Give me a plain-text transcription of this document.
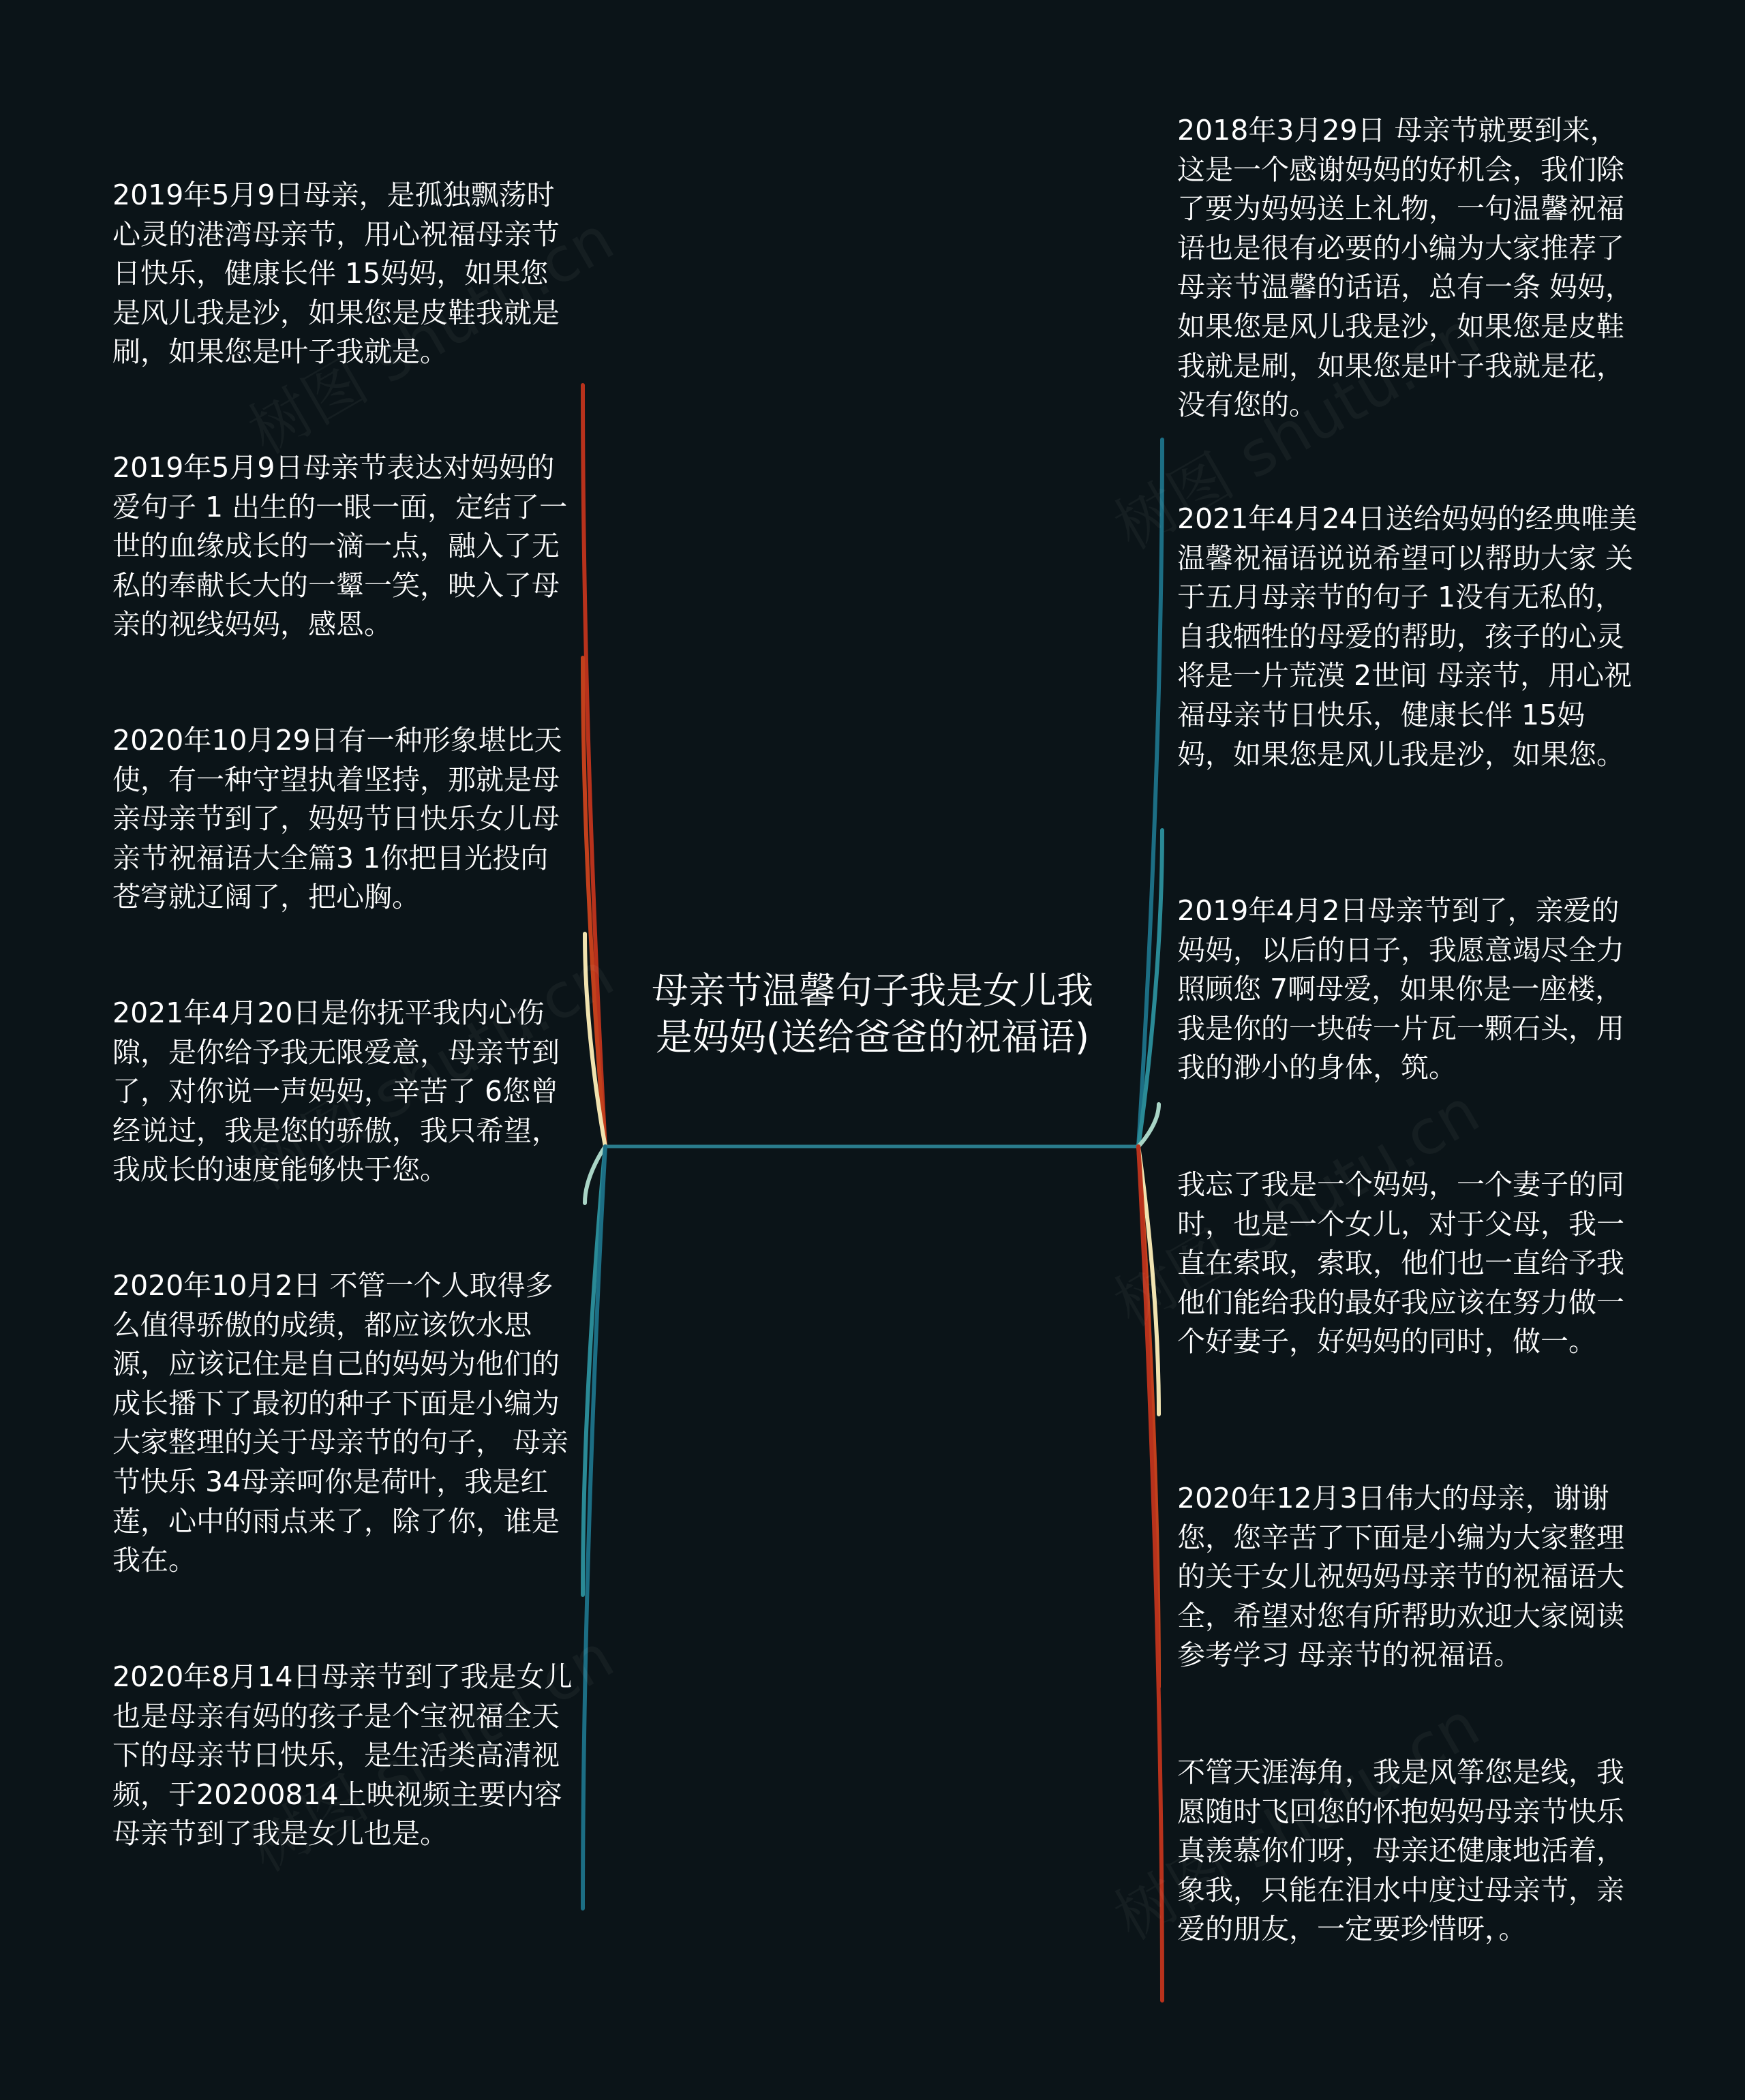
母亲节温馨句子我是女儿我是妈妈(送给爸爸的祝福语)

2019年5月9日母亲，是孤独飘荡时心灵的港湾母亲节，用心祝福母亲节日快乐，健康长伴 15妈妈，如果您是风儿我是沙，如果您是皮鞋我就是刷，如果您是叶子我就是。

2019年5月9日母亲节表达对妈妈的爱句子 1 出生的一眼一面，定结了一世的血缘成长的一滴一点，融入了无私的奉献长大的一颦一笑，映入了母亲的视线妈妈，感恩。

2020年10月29日有一种形象堪比天使，有一种守望执着坚持，那就是母亲母亲节到了，妈妈节日快乐女儿母亲节祝福语大全篇3 1你把目光投向苍穹就辽阔了，把心胸。

2021年4月20日是你抚平我内心伤隙，是你给予我无限爱意，母亲节到了，对你说一声妈妈，辛苦了 6您曾经说过，我是您的骄傲，我只希望，我成长的速度能够快于您。

2020年10月2日 不管一个人取得多么值得骄傲的成绩，都应该饮水思源，应该记住是自己的妈妈为他们的成长播下了最初的种子下面是小编为大家整理的关于母亲节的句子， 母亲节快乐 34母亲呵你是荷叶，我是红莲，心中的雨点来了，除了你，谁是我在。

2020年8月14日母亲节到了我是女儿也是母亲有妈的孩子是个宝祝福全天下的母亲节日快乐，是生活类高清视频，于20200814上映视频主要内容母亲节到了我是女儿也是。

2018年3月29日 母亲节就要到来，这是一个感谢妈妈的好机会，我们除了要为妈妈送上礼物，一句温馨祝福语也是很有必要的小编为大家推荐了母亲节温馨的话语，总有一条 妈妈，如果您是风儿我是沙，如果您是皮鞋我就是刷，如果您是叶子我就是花，没有您的。

2021年4月24日送给妈妈的经典唯美温馨祝福语说说希望可以帮助大家 关于五月母亲节的句子 1没有无私的，自我牺牲的母爱的帮助，孩子的心灵将是一片荒漠 2世间 母亲节，用心祝福母亲节日快乐，健康长伴 15妈妈，如果您是风儿我是沙，如果您。

2019年4月2日母亲节到了，亲爱的妈妈，以后的日子，我愿意竭尽全力照顾您 7啊母爱，如果你是一座楼，我是你的一块砖一片瓦一颗石头，用我的渺小的身体，筑。

我忘了我是一个妈妈，一个妻子的同时，也是一个女儿，对于父母，我一直在索取，索取，他们也一直给予我他们能给我的最好我应该在努力做一个好妻子，好妈妈的同时，做一。

2020年12月3日伟大的母亲，谢谢您，您辛苦了下面是小编为大家整理的关于女儿祝妈妈母亲节的祝福语大全，希望对您有所帮助欢迎大家阅读参考学习 母亲节的祝福语。

不管天涯海角，我是风筝您是线，我愿随时飞回您的怀抱妈妈母亲节快乐 真羡慕你们呀，母亲还健康地活着，象我，只能在泪水中度过母亲节，亲爱的朋友，一定要珍惜呀，。
